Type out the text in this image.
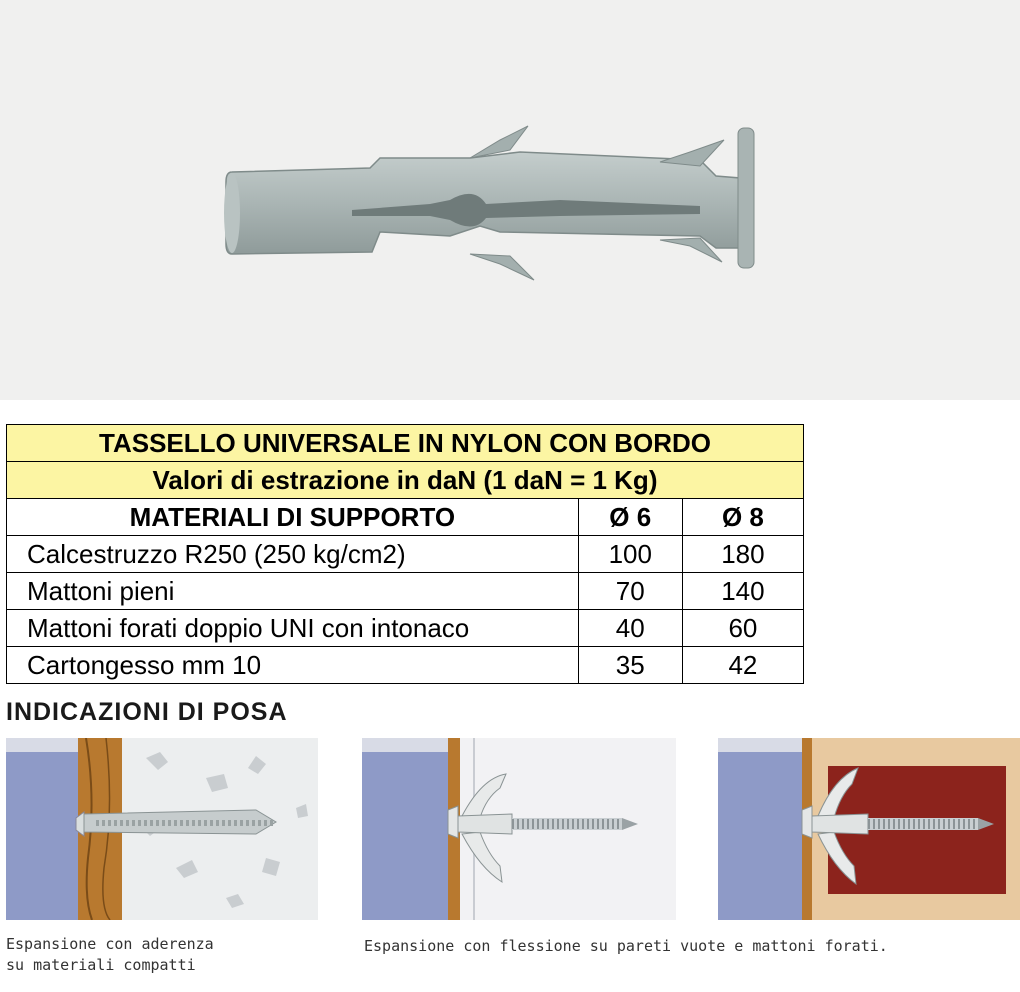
TASSELLO UNIVERSALE IN NYLON CON BORDO		
Valori di estrazione in daN (1 daN = 1 Kg)		
MATERIALI DI SUPPORTO	Ø 6	Ø 8
Calcestruzzo R250 (250 kg/cm2)	100	180
Mattoni pieni	70	140
Mattoni forati doppio UNI con intonaco	40	60
Cartongesso mm 10	35	42
INDICAZIONI DI POSA
Espansione con aderenza
su materiali compatti
Espansione con flessione su pareti vuote e mattoni forati.
